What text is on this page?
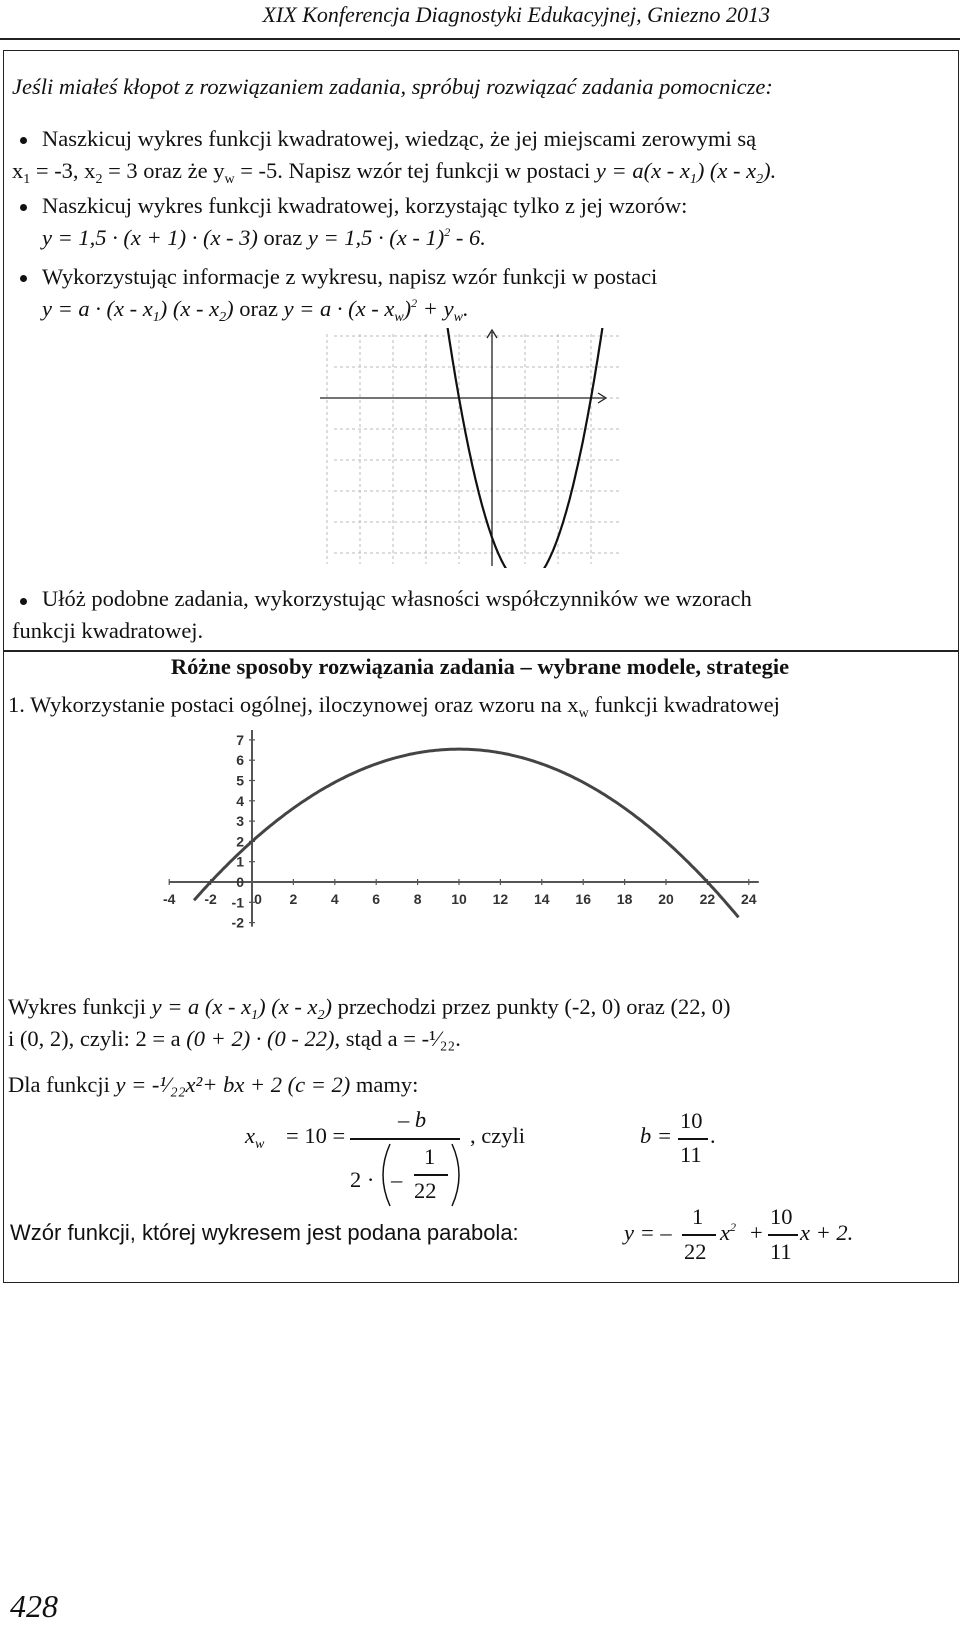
XIX Konferencja Diagnostyki Edukacyjnej, Gniezno 2013
Jeśli miałeś kłopot z rozwiązaniem zadania, spróbuj rozwiązać zadania pomocnicze:
Naszkicuj wykres funkcji kwadratowej, wiedząc, że jej miejscami zerowymi są
$x_1 = -3$, $x_2 = 3$ oraz że $y_w = -5$. Napisz wzór tej funkcji w postaci $y = a(x - x_1)$ $(x - x_2)$.
Naszkicuj wykres funkcji kwadratowej, korzystając tylko z jej wzorów:
y = 1,5 · (x + 1) · (x - 3) oraz y = 1,5 · (x - 1)$^2$ - 6.
Wykorzystując informacje z wykresu, napisz wzór funkcji w postaci
$y = a \cdot (x - x_1)$ $(x - x_2)$ oraz $y = a \cdot (x - x_w)^2 + y_w$.
Ułóż podobne zadania, wykorzystując własności współczynników we wzorach
funkcji kwadratowej.
Różne sposoby rozwiązania zadania – wybrane modele, strategie
1. Wykorzystanie postaci ogólnej, iloczynowej oraz wzoru na $x_w$ funkcji kwadratowej
-4 -2	0 2 4 6 8 10 12 14 16 18 20 22 24
-2
-1
0
1
2
3
4
5
6
7
Wykres funkcji y = a $(x - x_1)$ $(x - x_2)$ przechodzi przez punkty (-2, 0) oraz (22, 0)
i (0, 2), czyli: 2 = a (0 + 2) · (0 - 22), stąd a = -¹⁄₂₂.
Dla funkcji y = -¹⁄₂₂x²+ bx + 2 (c = 2) mamy:
$x_w = 10$ =
– b
2 · –
1
22
, czyli	b =
10
11
.
Wzór funkcji, której wykresem jest podana parabola:	y = –
1
22
$x^2$ +
10
11
x + 2.
428
